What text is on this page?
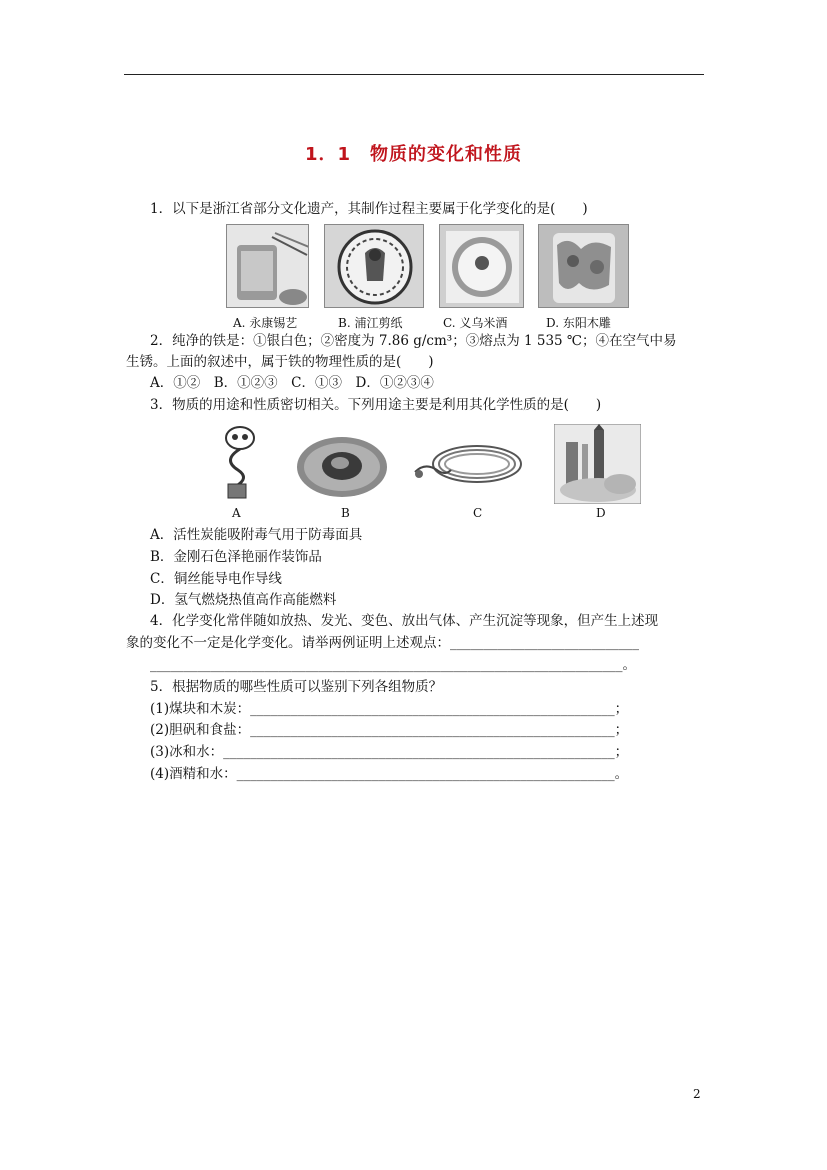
1．1　物质的变化和性质
1．以下是浙江省部分文化遗产，其制作过程主要属于化学变化的是(　　)
A. 永康锡艺	B. 浦江剪纸	C. 义乌米酒	D. 东阳木雕
2．纯净的铁是：①银白色；②密度为 7.86 g/cm³；③熔点为 1 535 ℃；④在空气中易
生锈。上面的叙述中，属于铁的物理性质的是(　　)
A．①②　B．①②③　C．①③　D．①②③④
3．物质的用途和性质密切相关。下列用途主要是利用其化学性质的是(　　)
A	B	C	D
A．活性炭能吸附毒气用于防毒面具
B．金刚石色泽艳丽作装饰品
C．铜丝能导电作导线
D．氢气燃烧热值高作高能燃料
4．化学变化常伴随如放热、发光、变色、放出气体、产生沉淀等现象，但产生上述现
象的变化不一定是化学变化。请举两例证明上述观点：____________________________
______________________________________________________________________。
5．根据物质的哪些性质可以鉴别下列各组物质？
(1)煤块和木炭：______________________________________________________；
(2)胆矾和食盐：______________________________________________________；
(3)冰和水：__________________________________________________________；
(4)酒精和水：________________________________________________________。
2
